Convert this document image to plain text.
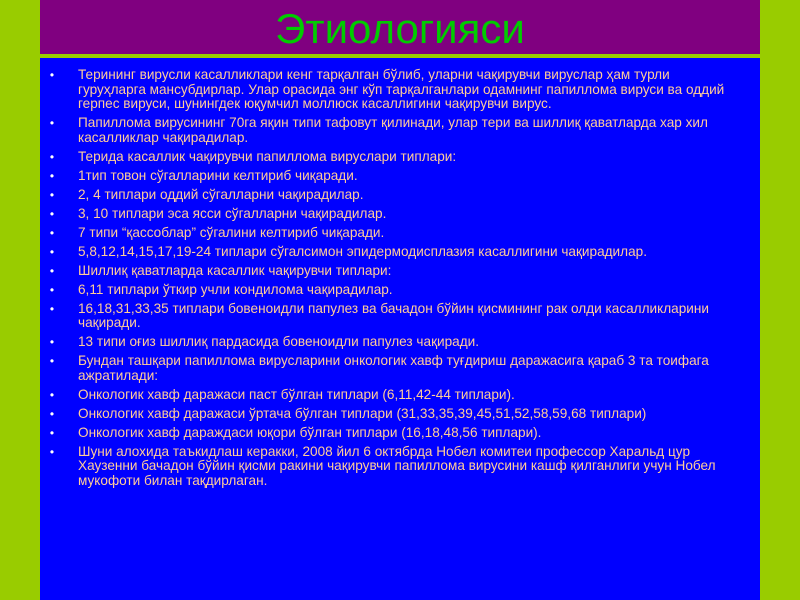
Этиологияси
• Терининг вирусли касалликлари кенг тарқалган бўлиб, уларни чақирувчи вируслар ҳам турли гуруҳларга мансубдирлар. Улар орасида энг кўп тарқалганлари одамнинг папиллома вируси ва оддий герпес вируси, шунингдек юқумчил моллюск касаллигини чақирувчи вирус.
• Папиллома вирусининг 70га яқин типи тафовут қилинади, улар тери ва шиллиқ қаватларда хар хил касалликлар чақирадилар.
• Терида касаллик чақирувчи папиллома вируслари типлари:
• 1тип товон сўгалларини келтириб чиқаради.
• 2, 4 типлари оддий сўгалларни чақирадилар.
• 3, 10 типлари эса ясси сўгалларни чақирадилар.
• 7 типи “қассоблар” сўгалини келтириб чиқаради.
• 5,8,12,14,15,17,19-24 типлари сўгалсимон эпидермодисплазия касаллигини чақирадилар.
• Шиллиқ қаватларда касаллик чақирувчи типлари:
• 6,11 типлари ўткир учли кондилома чақирадилар.
• 16,18,31,33,35 типлари бовеноидли папулез ва бачадон бўйин қисмининг рак олди касалликларини чақиради.
• 13 типи оғиз шиллиқ пардасида бовеноидли папулез чақиради.
• Бундан ташқари папиллома вирусларини онкологик хавф туғдириш даражасига қараб 3 та тоифага ажратилади:
• Онкологик хавф даражаси паст бўлган типлари (6,11,42-44 типлари).
• Онкологик хавф даражаси ўртача бўлган типлари (31,33,35,39,45,51,52,58,59,68 типлари)
• Онкологик хавф дараждаси юқори бўлган типлари (16,18,48,56 типлари).
• Шуни алохида таъкидлаш керакки, 2008 йил 6 октябрда Нобел комитеи профессор Харальд цур Хаузенни бачадон бўйин қисми ракини чақирувчи папиллома вирусини кашф қилганлиги учун Нобел мукофоти билан тақдирлаган.
